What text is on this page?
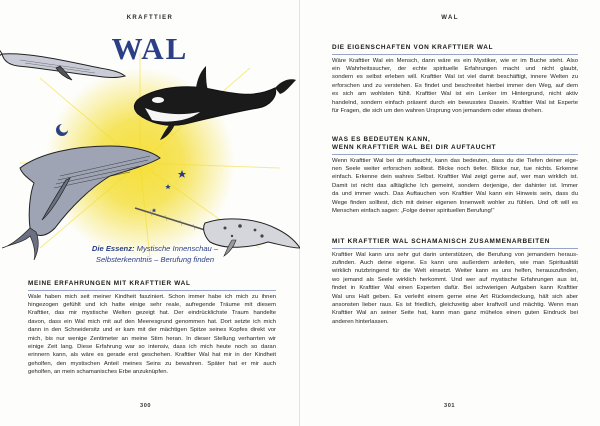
KRAFTTIER
WAL
Die Essenz: Mystische Innenschau –
Selbsterkenntnis – Berufung finden
MEINE ERFAHRUNGEN MIT KRAFTTIER WAL
Wale haben mich seit meiner Kindheit fasziniert. Schon immer habe ich mich zu ihnen
hingezogen gefühlt und ich hatte einige sehr reale, aufregende Träume mit diesem
Krafttier, das mir mystische Welten gezeigt hat. Der eindrücklichste Traum handelte
davon, dass ein Wal mich mit auf den Meeresgrund genommen hat. Dort setzte ich mich
dann in den Schneidersitz und er kam mit der mächtigen Spitze seines Kopfes direkt vor
mich, bis nur wenige Zentimeter an meine Stirn heran. In dieser Stellung verharrten wir
einige Zeit lang. Diese Erfahrung war so intensiv, dass ich mich heute noch so daran
erinnern kann, als wäre es gerade erst geschehen. Krafttier Wal hat mir in der Kindheit
geholfen, den mystischen Anteil meines Seins zu bewahren. Später hat er mir auch
geholfen, an mein schamanisches Erbe anzuknüpfen.
300
WAL
DIE EIGENSCHAFTEN VON KRAFTTIER WAL
Wäre Krafttier Wal ein Mensch, dann wäre es ein Mystiker, wie er im Buche steht. Also
ein Wahrheitssucher, der echte spirituelle Erfahrungen macht und nicht glaubt,
sondern es selbst erleben will. Krafttier Wal ist viel damit beschäftigt, innere Welten zu
erforschen und zu verstehen. Es findet und beschreitet hierbei immer den Weg, auf dem
es sich am wohlsten fühlt. Krafttier Wal ist ein Lenker im Hintergrund, nicht aktiv
handelnd, sondern einfach präsent durch ein bewusstes Dasein. Krafttier Wal ist Experte
für Fragen, die sich um den wahren Ursprung von jemandem oder etwas drehen.
WAS ES BEDEUTEN KANN,
WENN KRAFTTIER WAL BEI DIR AUFTAUCHT
Wenn Krafttier Wal bei dir auftaucht, kann das bedeuten, dass du die Tiefen deiner eige-
nen Seele weiter erforschen solltest. Blicke noch tiefer. Blicke nur, tue nichts. Erkenne
einfach. Erkenne dein wahres Selbst. Krafttier Wal zeigt gerne auf, wer man wirklich ist.
Damit ist nicht das alltägliche Ich gemeint, sondern derjenige, der dahinter ist. Immer
da und immer wach. Das Auftauchen von Krafttier Wal kann ein Hinweis sein, dass du
Wege finden solltest, dich mit deiner eigenen Innenwelt wohler zu fühlen. Und oft will es
Menschen einfach sagen: „Folge deiner spirituellen Berufung!“
MIT KRAFTTIER WAL SCHAMANISCH ZUSAMMENARBEITEN
Krafttier Wal kann uns sehr gut darin unterstützen, die Berufung von jemandem heraus-
zufinden. Auch deine eigene. Es kann uns außerdem anleiten, wie man Spiritualität
wirklich nutzbringend für die Welt einsetzt. Weiter kann es uns helfen, herauszufinden,
wo jemand als Seele wirklich herkommt. Und wer auf mystische Erfahrungen aus ist,
findet in Krafttier Wal einen Experten dafür. Bei schwierigen Aufgaben kann Krafttier
Wal uns Halt geben. Es verleiht einem gerne eine Art Rückendeckung, hält sich aber
ansonsten lieber raus. Es ist friedlich, gleichzeitig aber kraftvoll und mächtig. Wenn man
Krafttier Wal an seiner Seite hat, kann man ganz mühelos einen guten Eindruck bei
anderen hinterlassen.
301
